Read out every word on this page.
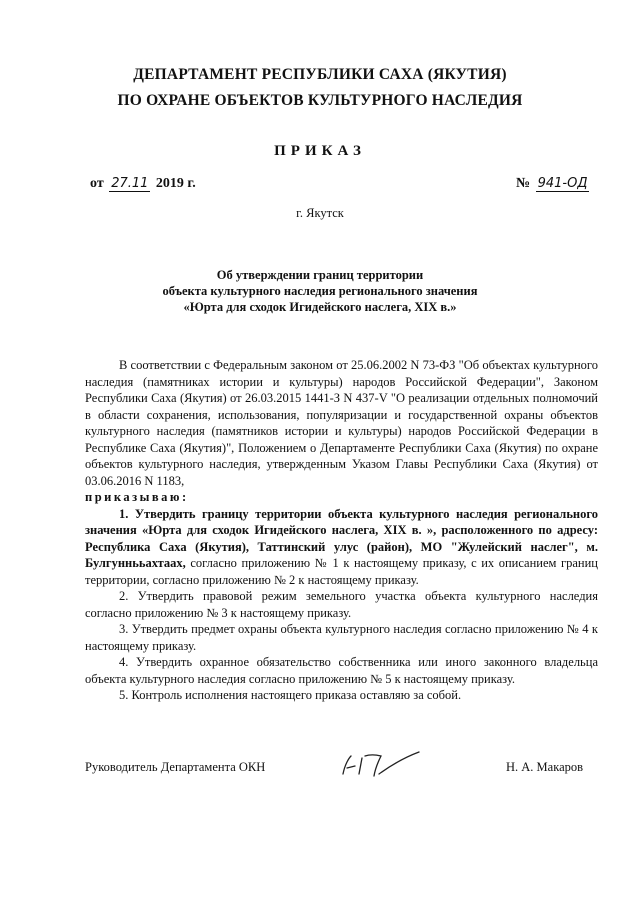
ДЕПАРТАМЕНТ РЕСПУБЛИКИ САХА (ЯКУТИЯ)
ПО ОХРАНЕ ОБЪЕКТОВ КУЛЬТУРНОГО НАСЛЕДИЯ
ПРИКАЗ
от 27.11 2019 г.	№ 941-ОД
г. Якутск
Об утверждении границ территории
объекта культурного наследия регионального значения
«Юрта для сходок Игидейского наслега, XIX в.»

В соответствии с Федеральным законом от 25.06.2002 N 73-ФЗ "Об объектах культурного наследия (памятниках истории и культуры) народов Российской Федерации", Законом Республики Саха (Якутия) от 26.03.2015 1441-З N 437-V "О реализации отдельных полномочий в области сохранения, использования, популяризации и государственной охраны объектов культурного наследия (памятников истории и культуры) народов Российской Федерации в Республике Саха (Якутия)", Положением о Департаменте Республики Саха (Якутия) по охране объектов культурного наследия, утвержденным Указом Главы Республики Саха (Якутия) от 03.06.2016 N 1183,

приказываю:

1. Утвердить границу территории объекта культурного наследия регионального значения «Юрта для сходок Игидейского наслега, XIX в. », расположенного по адресу: Республика Саха (Якутия), Таттинский улус (район), МО "Жулейский наслег", м. Булгуннььахтаах, согласно приложению № 1 к настоящему приказу, с их описанием границ территории, согласно приложению № 2 к настоящему приказу.

2. Утвердить правовой режим земельного участка объекта культурного наследия согласно приложению № 3 к настоящему приказу.

3. Утвердить предмет охраны объекта культурного наследия согласно приложению № 4 к настоящему приказу.

4. Утвердить охранное обязательство собственника или иного законного владельца объекта культурного наследия согласно приложению № 5 к настоящему приказу.

5. Контроль исполнения настоящего приказа оставляю за собой.

Руководитель Департамента ОКН	Н. А. Макаров
